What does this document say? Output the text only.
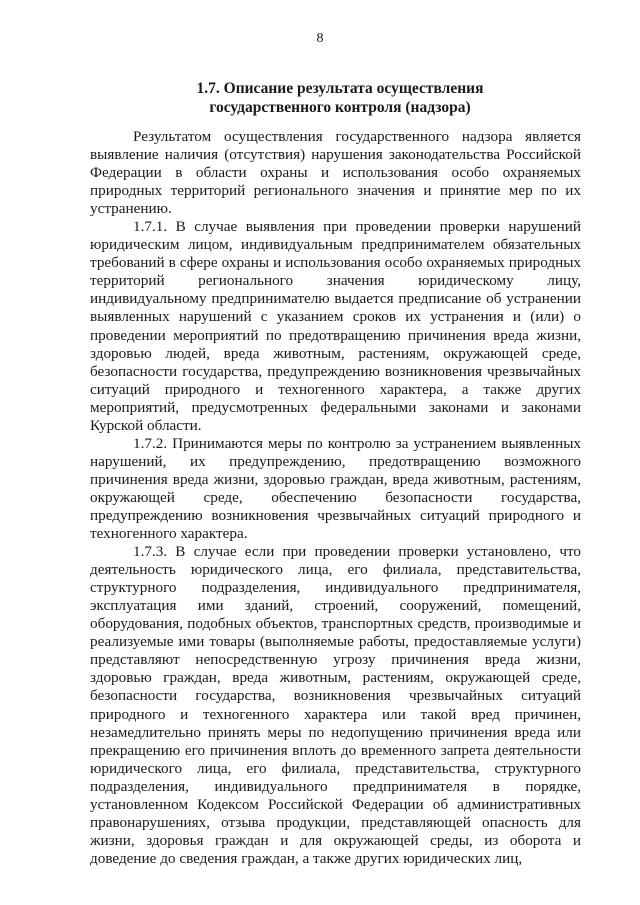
8
1.7. Описание результата осуществления
государственного контроля (надзора)

Результатом осуществления государственного надзора является выявление наличия (отсутствия) нарушения законодательства Российской Федерации в области охраны и использования особо охраняемых природных территорий регионального значения и принятие мер по их устранению.

1.7.1. В случае выявления при проведении проверки нарушений юридическим лицом, индивидуальным предпринимателем обязательных требований в сфере охраны и использования особо охраняемых природных территорий регионального значения юридическому лицу, индивидуальному предпринимателю выдается предписание об устранении выявленных нарушений с указанием сроков их устранения и (или) о проведении мероприятий по предотвращению причинения вреда жизни, здоровью людей, вреда животным, растениям, окружающей среде, безопасности государства, предупреждению возникновения чрезвычайных ситуаций природного и техногенного характера, а также других мероприятий, предусмотренных федеральными законами и законами Курской области.

1.7.2. Принимаются меры по контролю за устранением выявленных нарушений, их предупреждению, предотвращению возможного причинения вреда жизни, здоровью граждан, вреда животным, растениям, окружающей среде, обеспечению безопасности государства, предупреждению возникновения чрезвычайных ситуаций природного и техногенного характера.

1.7.3. В случае если при проведении проверки установлено, что деятельность юридического лица, его филиала, представительства, структурного подразделения, индивидуального предпринимателя, эксплуатация ими зданий, строений, сооружений, помещений, оборудования, подобных объектов, транспортных средств, производимые и реализуемые ими товары (выполняемые работы, предоставляемые услуги) представляют непосредственную угрозу причинения вреда жизни, здоровью граждан, вреда животным, растениям, окружающей среде, безопасности государства, возникновения чрезвычайных ситуаций природного и техногенного характера или такой вред причинен, незамедлительно принять меры по недопущению причинения вреда или прекращению его причинения вплоть до временного запрета деятельности юридического лица, его филиала, представительства, структурного подразделения, индивидуального предпринимателя в порядке, установленном Кодексом Российской Федерации об административных правонарушениях, отзыва продукции, представляющей опасность для жизни, здоровья граждан и для окружающей среды, из оборота и доведение до сведения граждан, а также других юридических лиц,
